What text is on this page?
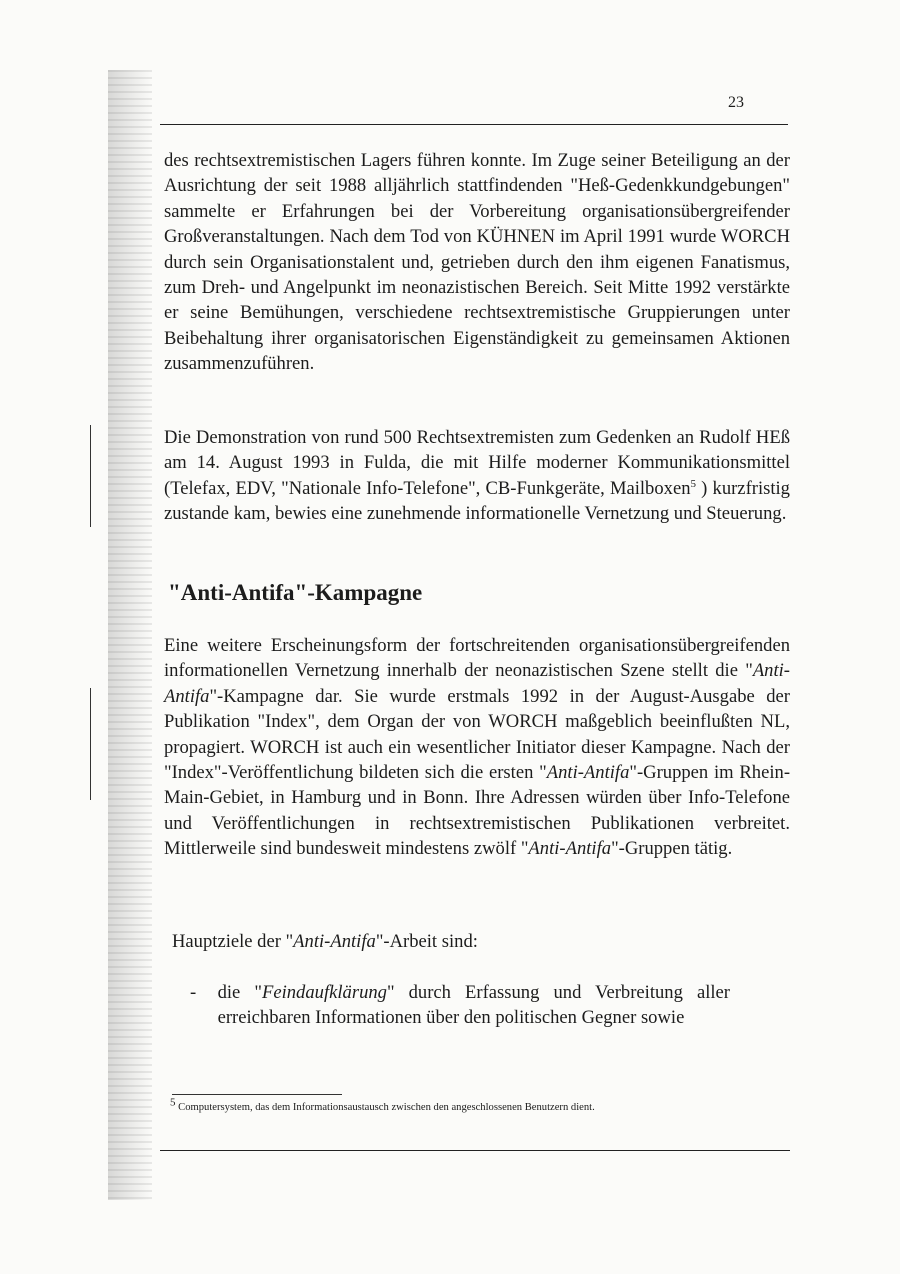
23

des rechtsextremistischen Lagers führen konnte. Im Zuge seiner Beteiligung an der Ausrichtung der seit 1988 alljährlich stattfindenden "Heß-Gedenkkundgebungen" sammelte er Erfahrungen bei der Vorbereitung organisationsübergreifender Großveranstaltungen. Nach dem Tod von KÜHNEN im April 1991 wurde WORCH durch sein Organisationstalent und, getrieben durch den ihm eigenen Fanatismus, zum Dreh- und Angelpunkt im neonazistischen Bereich. Seit Mitte 1992 verstärkte er seine Bemühungen, verschiedene rechtsextremistische Gruppierungen unter Beibehaltung ihrer organisatorischen Eigenständigkeit zu gemeinsamen Aktionen zusammenzuführen.

Die Demonstration von rund 500 Rechtsextremisten zum Gedenken an Rudolf HEß am 14. August 1993 in Fulda, die mit Hilfe moderner Kommunikationsmittel (Telefax, EDV, "Nationale Info-Telefone", CB-Funkgeräte, Mailboxen$^5$ ) kurzfristig zustande kam, bewies eine zunehmende informationelle Vernetzung und Steuerung.

"Anti-Antifa"-Kampagne

Eine weitere Erscheinungsform der fortschreitenden organisationsübergreifenden informationellen Vernetzung innerhalb der neonazistischen Szene stellt die "Anti-Antifa"-Kampagne dar. Sie wurde erstmals 1992 in der August-Ausgabe der Publikation "Index", dem Organ der von WORCH maßgeblich beeinflußten NL, propagiert. WORCH ist auch ein wesentlicher Initiator dieser Kampagne. Nach der "Index"-Veröffentlichung bildeten sich die ersten "Anti-Antifa"-Gruppen im Rhein-Main-Gebiet, in Hamburg und in Bonn. Ihre Adressen würden über Info-Telefone und Veröffentlichungen in rechtsextremistischen Publikationen verbreitet. Mittlerweile sind bundesweit mindestens zwölf "Anti-Antifa"-Gruppen tätig.

Hauptziele der "Anti-Antifa"-Arbeit sind:

-	die "Feindaufklärung" durch Erfassung und Verbreitung aller erreichbaren Informationen über den politischen Gegner sowie

$^5$ Computersystem, das dem Informationsaustausch zwischen den angeschlossenen Benutzern dient.
